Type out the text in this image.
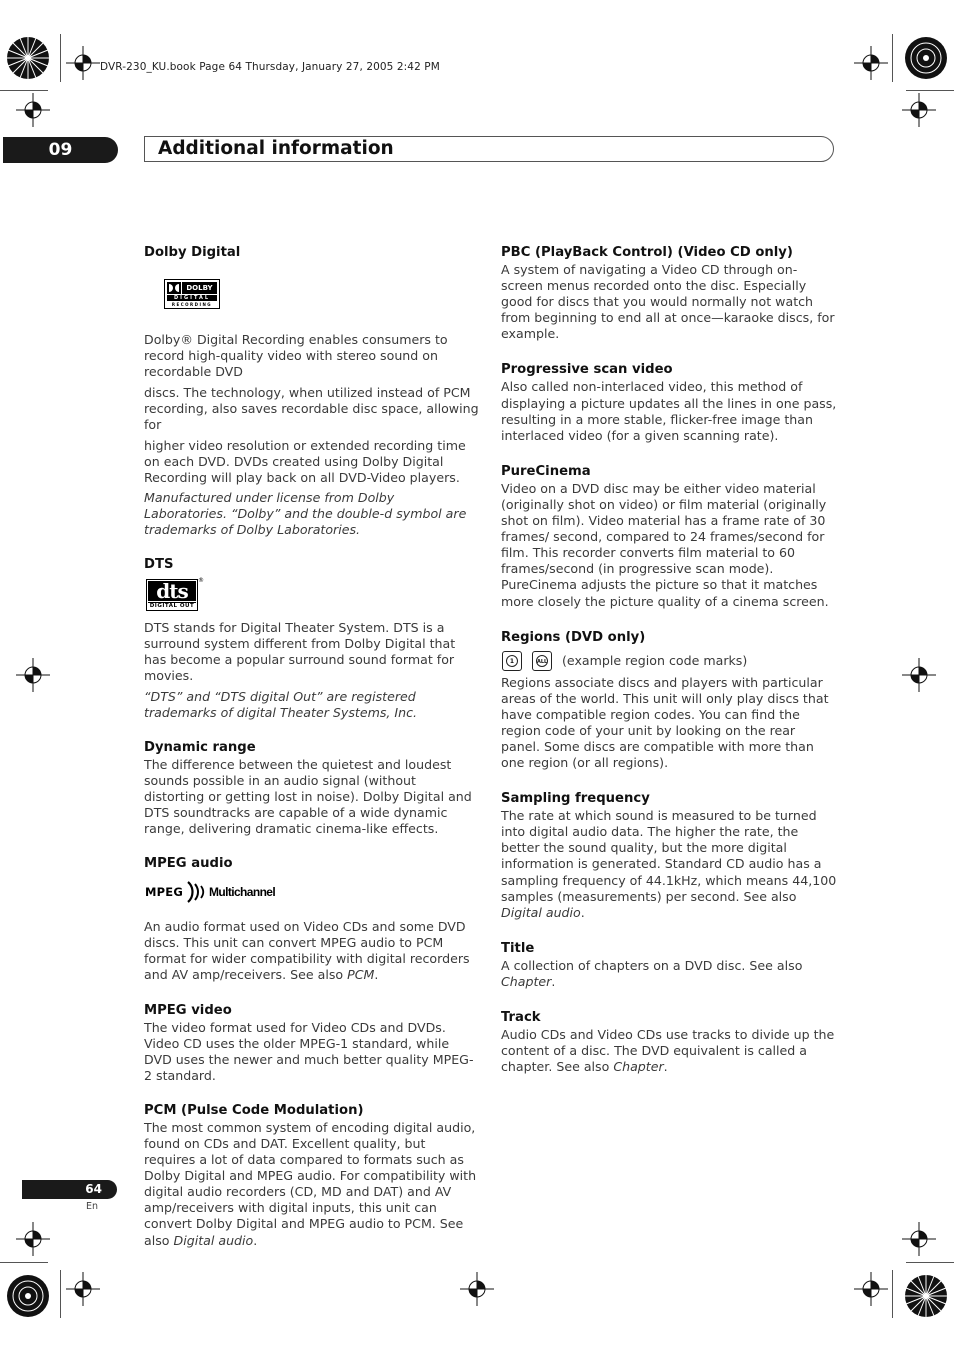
DVR-230_KU.book Page 64 Thursday, January 27, 2005 2:42 PM
09	Additional information

Dolby Digital

DOLBY
DIGITAL
RECORDING

Dolby® Digital Recording enables consumers to record high-quality video with stereo sound on recordable DVD

discs. The technology, when utilized instead of PCM recording, also saves recordable disc space, allowing for

higher video resolution or extended recording time on each DVD. DVDs created using Dolby Digital Recording will play back on all DVD-Video players.

Manufactured under license from Dolby Laboratories. “Dolby” and the double-d symbol are trademarks of Dolby Laboratories.

DTS

dts
DIGITAL OUT
®

DTS stands for Digital Theater System. DTS is a surround system different from Dolby Digital that has become a popular surround sound format for movies.

“DTS” and “DTS digital Out” are registered trademarks of digital Theater Systems, Inc.

Dynamic range

The difference between the quietest and loudest sounds possible in an audio signal (without distorting or getting lost in noise). Dolby Digital and DTS soundtracks are capable of a wide dynamic range, delivering dramatic cinema-like effects.

MPEG audio

MPEG Multichannel

An audio format used on Video CDs and some DVD discs. This unit can convert MPEG audio to PCM format for wider compatibility with digital recorders and AV amp/receivers. See also PCM.

MPEG video

The video format used for Video CDs and DVDs. Video CD uses the older MPEG-1 standard, while DVD uses the newer and much better quality MPEG-2 standard.

PCM (Pulse Code Modulation)

The most common system of encoding digital audio, found on CDs and DAT. Excellent quality, but requires a lot of data compared to formats such as Dolby Digital and MPEG audio. For compatibility with digital audio recorders (CD, MD and DAT) and AV amp/receivers with digital inputs, this unit can convert Dolby Digital and MPEG audio to PCM. See also Digital audio.

PBC (PlayBack Control) (Video CD only)

A system of navigating a Video CD through on-screen menus recorded onto the disc. Especially good for discs that you would normally not watch from beginning to end all at once—karaoke discs, for example.

Progressive scan video

Also called non-interlaced video, this method of displaying a picture updates all the lines in one pass, resulting in a more stable, flicker-free image than interlaced video (for a given scanning rate).

PureCinema

Video on a DVD disc may be either video material (originally shot on video) or film material (originally shot on film). Video material has a frame rate of 30 frames/ second, compared to 24 frames/second for film. This recorder converts film material to 60 frames/second (in progressive scan mode). PureCinema adjusts the picture so that it matches more closely the picture quality of a cinema screen.

Regions (DVD only)

1	ALL (example region code marks)

Regions associate discs and players with particular areas of the world. This unit will only play discs that have compatible region codes. You can find the region code of your unit by looking on the rear panel. Some discs are compatible with more than one region (or all regions).

Sampling frequency

The rate at which sound is measured to be turned into digital audio data. The higher the rate, the better the sound quality, but the more digital information is generated. Standard CD audio has a sampling frequency of 44.1kHz, which means 44,100 samples (measurements) per second. See also Digital audio.

Title

A collection of chapters on a DVD disc. See also Chapter.

Track

Audio CDs and Video CDs use tracks to divide up the content of a disc. The DVD equivalent is called a chapter. See also Chapter.

64
En
